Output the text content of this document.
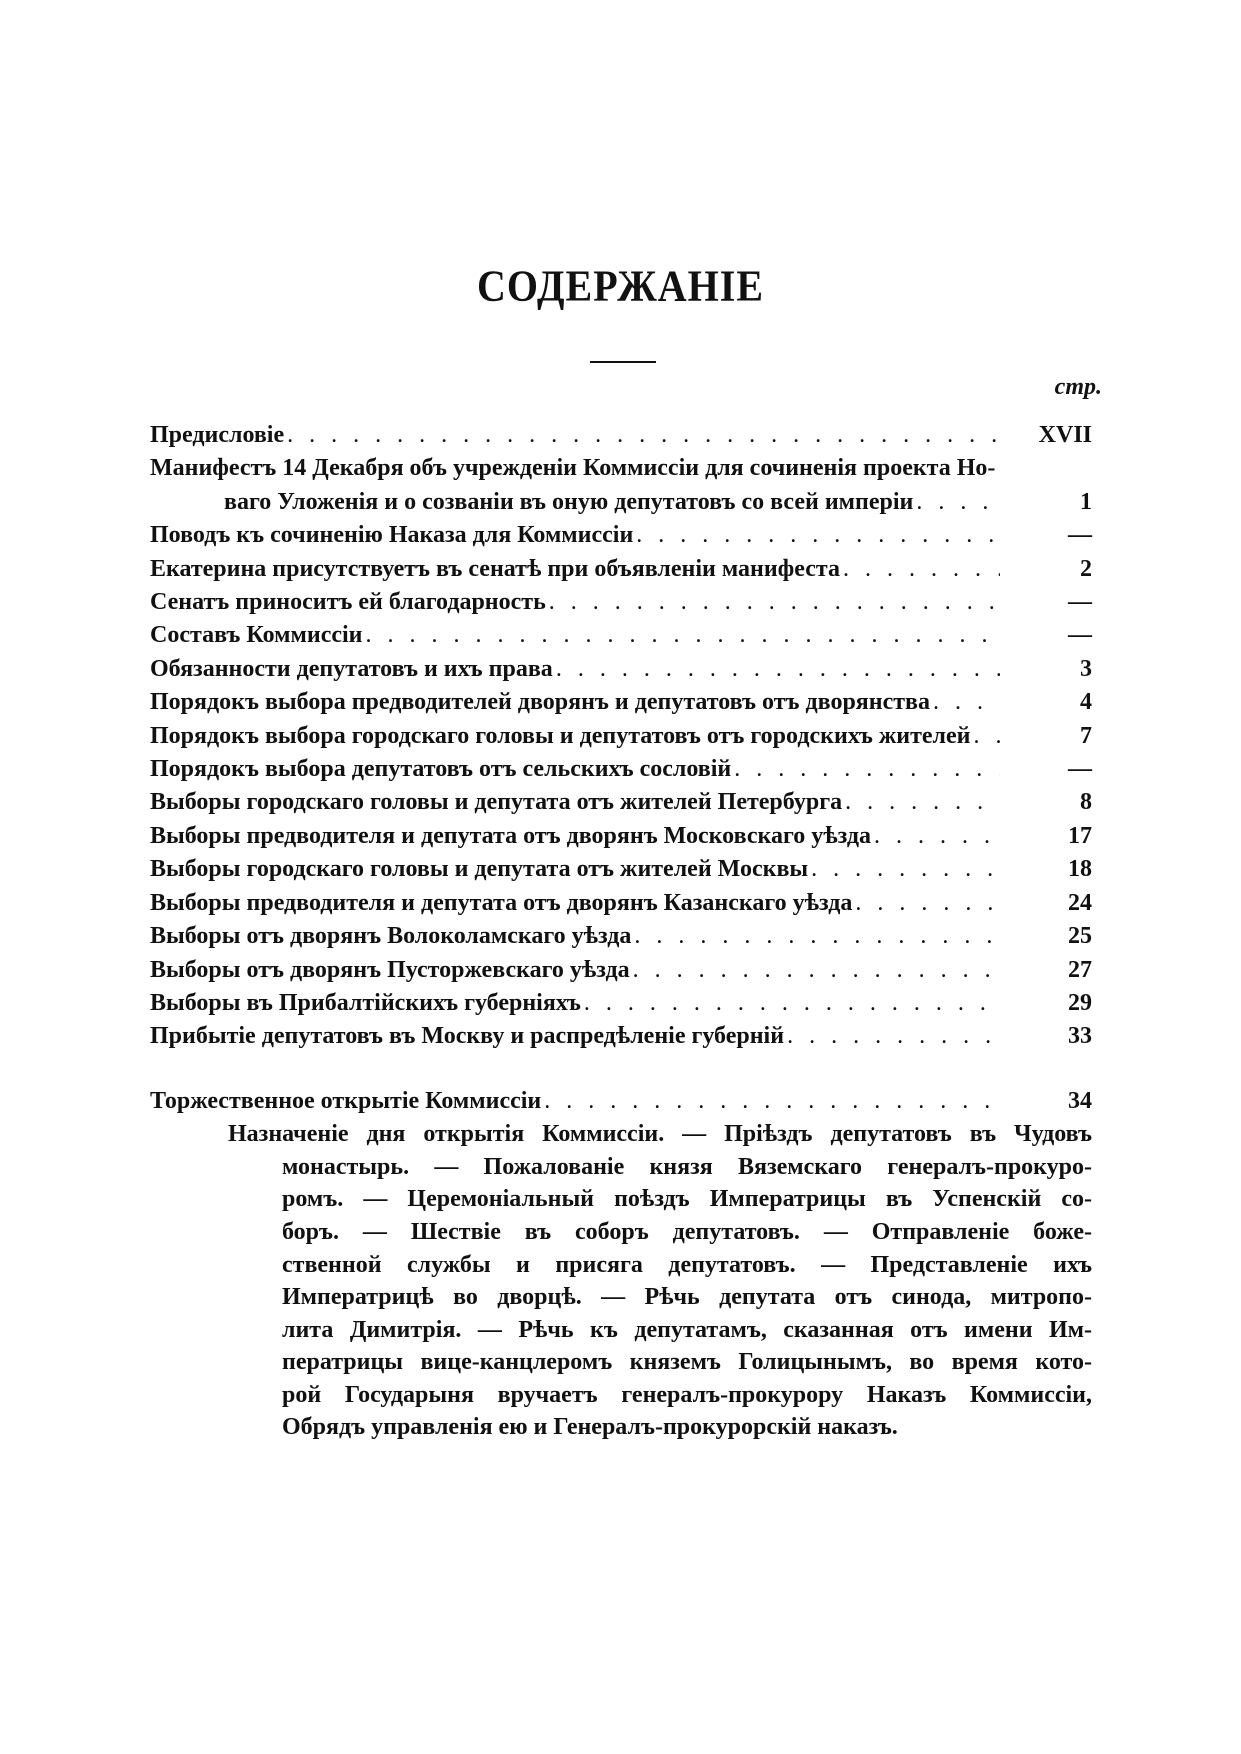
СОДЕРЖАНIЕ
стр.
Предисловіе . . .	XVII
Манифестъ 14 Декабря объ учрежденiи Коммиссiи для сочиненiя проекта Но-
ваго Уложенiя и о созванiи въ оную депутатовъ со всей имперiи . . .	1
Поводъ къ сочиненiю Наказа для Коммиссiи . . .	—
Екатерина присутствуетъ въ сенатѣ при объявленiи манифеста . . .	2
Сенатъ приноситъ ей благодарность . . .	—
Составъ Коммиссiи . . .	—
Обязанности депутатовъ и ихъ права . . .	3
Порядокъ выбора предводителей дворянъ и депутатовъ отъ дворянства . . .	4
Порядокъ выбора городскаго головы и депутатовъ отъ городскихъ жителей . . .	7
Порядокъ выбора депутатовъ отъ сельскихъ сословiй . . .	—
Выборы городскаго головы и депутата отъ жителей Петербурга . . .	8
Выборы предводителя и депутата отъ дворянъ Московскаго уѣзда . . .	17
Выборы городскаго головы и депутата отъ жителей Москвы . . .	18
Выборы предводителя и депутата отъ дворянъ Казанскаго уѣзда . . .	24
Выборы отъ дворянъ Волоколамскаго уѣзда . . .	25
Выборы отъ дворянъ Пусторжевскаго уѣзда . . .	27
Выборы въ Прибалтiйскихъ губернiяхъ . . .	29
Прибытiе депутатовъ въ Москву и распредѣленiе губернiй . . .	33
Торжественное открытiе Коммиссiи . . .	34
Назначенiе дня открытiя Коммиссiи. — Прiѣздъ депутатовъ въ Чудовъ
монастырь. — Пожалованiе князя Вяземскаго генералъ-прокуро-
ромъ. — Церемонiальный поѣздъ Императрицы въ Успенскiй со-
боръ. — Шествiе въ соборъ депутатовъ. — Отправленiе боже-
ственной службы и присяга депутатовъ. — Представленiе ихъ
Императрицѣ во дворцѣ. — Рѣчь депутата отъ синода, митропо-
лита Димитрiя. — Рѣчь къ депутатамъ, сказанная отъ имени Им-
ператрицы вице-канцлеромъ княземъ Голицынымъ, во время кото-
рой Государыня вручаетъ генералъ-прокурору Наказъ Коммиссiи,
Обрядъ управленiя ею и Генералъ-прокурорскiй наказъ.
